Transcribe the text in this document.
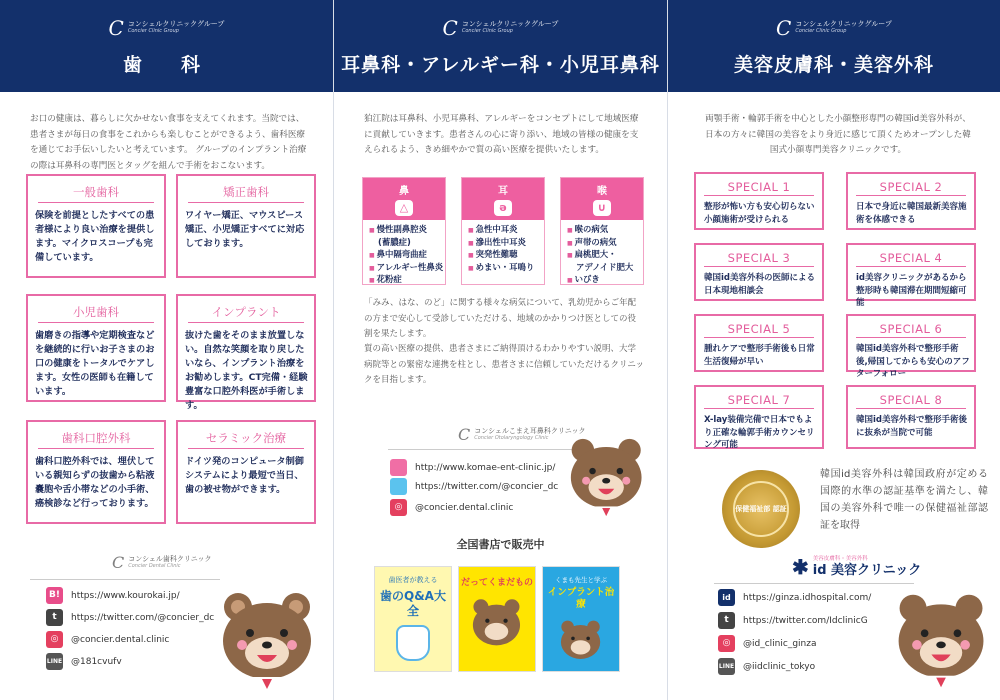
C コンシェルクリニックグループ
Concier Clinic Group
歯　科
お口の健康は、暮らしに欠かせない食事を支えてくれます。当院では、患者さまが毎日の食事をこれからも楽しむことができるよう、歯科医療を通じてお手伝いしたいと考えています。 グループのインプラント治療の際は耳鼻科の専門医とタッグを組んで手術をおこないます。
一般歯科
保険を前提としたすべての患者様により良い治療を提供します。マイクロスコープも完備しています。
矯正歯科
ワイヤー矯正、マウスピース矯正、小児矯正すべてに対応しております。
小児歯科
歯磨きの指導や定期検査などを継続的に行いお子さまのお口の健康をトータルでケアします。女性の医師も在籍しています。
インプラント
抜けた歯をそのまま放置しない。自然な笑顔を取り戻したいなら、インプラント治療をお勧めします。CT完備・経験豊富な口腔外科医が手術します。
歯科口腔外科
歯科口腔外科では、埋伏している親知らずの抜歯から粘液嚢胞や舌小帯などの小手術、癌検診など行っております。
セラミック治療
ドイツ発のコンピュータ制御システムにより最短で当日、歯の被せ物ができます。
C コンシェル歯科クリニック
Concier Dental Clinic
B!	https://www.kourokai.jp/
t	https://twitter.com/@concier_dc
◎	@concier.dental.clinic
LINE @181cvufv
C コンシェルクリニックグループ
Concier Clinic Group
耳鼻科・アレルギー科・小児耳鼻科
狛江院は耳鼻科、小児耳鼻科、アレルギーをコンセプトにして地域医療に貢献していきます。患者さんの心に寄り添い、地域の皆様の健康を支えられるよう、きめ細やかで質の高い医療を提供いたします。
鼻
△
■ 慢性副鼻腔炎
(蓄膿症)
■ 鼻中隔弯曲症
■ アレルギー性鼻炎
■ 花粉症
耳
ə
■ 急性中耳炎
■ 滲出性中耳炎
■ 突発性難聴
■ めまい・耳鳴り
喉
∪
■ 喉の病気
■ 声帯の病気
■ 扁桃肥大・
アデノイド肥大
■ いびき
「みみ、はな、のど」に関する様々な病気について、乳幼児からご年配の方まで安心して受診していただける、地域のかかりつけ医としての役割を果たします。
質の高い医療の提供、患者さまにご納得頂けるわかりやすい説明、大学病院等との緊密な連携を柱とし、患者さまに信頼していただけるクリニックを目指します。
C コンシェルこまえ耳鼻科クリニック
Concier Otolaryngology Clinic
http://www.komae-ent-clinic.jp/
https://twitter.com/@concier_dc
◎	@concier.dental.clinic
全国書店で販売中
歯医者が教える
歯のQ&A大全
だってくまだもの	くまも先生と学ぶ
インプラント治療
C コンシェルクリニックグループ
Concier Clinic Group
美容皮膚科・美容外科
両顎手術・輪郭手術を中心とした小顔整形専門の韓国id美容外科が、日本の方々に韓国の美容をより身近に感じて頂くためオープンした韓国式小顔専門美容クリニックです。
SPECIAL 1
整形が怖い方も安心切らない小顔施術が受けられる
SPECIAL 2
日本で身近に韓国最新美容施術を体感できる
SPECIAL 3
韓国id美容外科の医師による日本現地相談会
SPECIAL 4
id美容クリニックがあるから整形時も韓国滞在期間短縮可能
SPECIAL 5
腫れケアで整形手術後も日常生活復帰が早い
SPECIAL 6
韓国id美容外科で整形手術後,帰国してからも安心のアフターフォロー
SPECIAL 7
X-lay装備完備で日本でもより正確な輪郭手術カウンセリング可能
SPECIAL 8
韓国id美容外科で整形手術後に抜糸が当院で可能
保健福祉部 認証
韓国id美容外科は韓国政府が定める国際的水準の認証基準を満たし、韓国の美容外科で唯一の保健福祉部認証を取得
✱ 美容皮膚科・美容外科
id 美容クリニック
id	https://ginza.idhospital.com/
t	https://twitter.com/IdclinicG
◎	@id_clinic_ginza
LINE @iidclinic_tokyo
